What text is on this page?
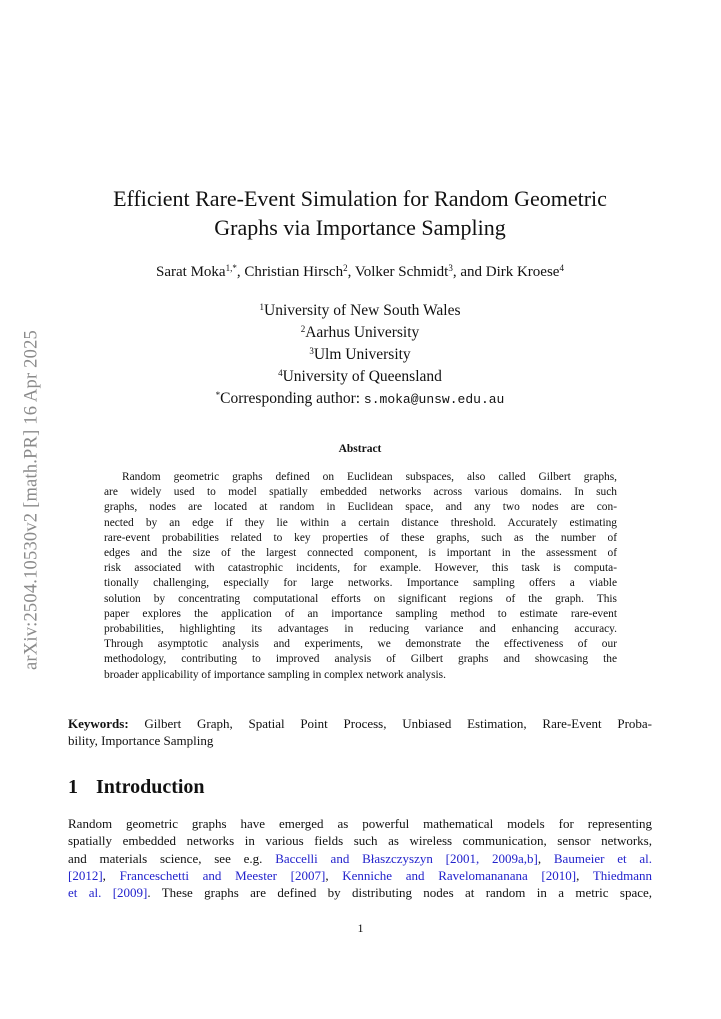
arXiv:2504.10530v2 [math.PR] 16 Apr 2025
Efficient Rare-Event Simulation for Random Geometric
Graphs via Importance Sampling
Sarat Moka$^{1,*}$, Christian Hirsch$^2$, Volker Schmidt$^3$, and Dirk Kroese$^4$
$^1$University of New South Wales
$^2$Aarhus University
$^3$Ulm University
$^4$University of Queensland
*Corresponding author: s.moka@unsw.edu.au
Abstract
Random geometric graphs defined on Euclidean subspaces, also called Gilbert graphs,
are widely used to model spatially embedded networks across various domains. In such
graphs, nodes are located at random in Euclidean space, and any two nodes are con-
nected by an edge if they lie within a certain distance threshold. Accurately estimating
rare-event probabilities related to key properties of these graphs, such as the number of
edges and the size of the largest connected component, is important in the assessment of
risk associated with catastrophic incidents, for example. However, this task is computa-
tionally challenging, especially for large networks. Importance sampling offers a viable
solution by concentrating computational efforts on significant regions of the graph. This
paper explores the application of an importance sampling method to estimate rare-event
probabilities, highlighting its advantages in reducing variance and enhancing accuracy.
Through asymptotic analysis and experiments, we demonstrate the effectiveness of our
methodology, contributing to improved analysis of Gilbert graphs and showcasing the
broader applicability of importance sampling in complex network analysis.
Keywords: Gilbert Graph, Spatial Point Process, Unbiased Estimation, Rare-Event Proba-
bility, Importance Sampling
1 Introduction
Random geometric graphs have emerged as powerful mathematical models for representing
spatially embedded networks in various fields such as wireless communication, sensor networks,
and materials science, see e.g. Baccelli and Błaszczyszyn [2001, 2009a,b], Baumeier et al.
[2012], Franceschetti and Meester [2007], Kenniche and Ravelomananana [2010], Thiedmann
et al. [2009]. These graphs are defined by distributing nodes at random in a metric space,
1
